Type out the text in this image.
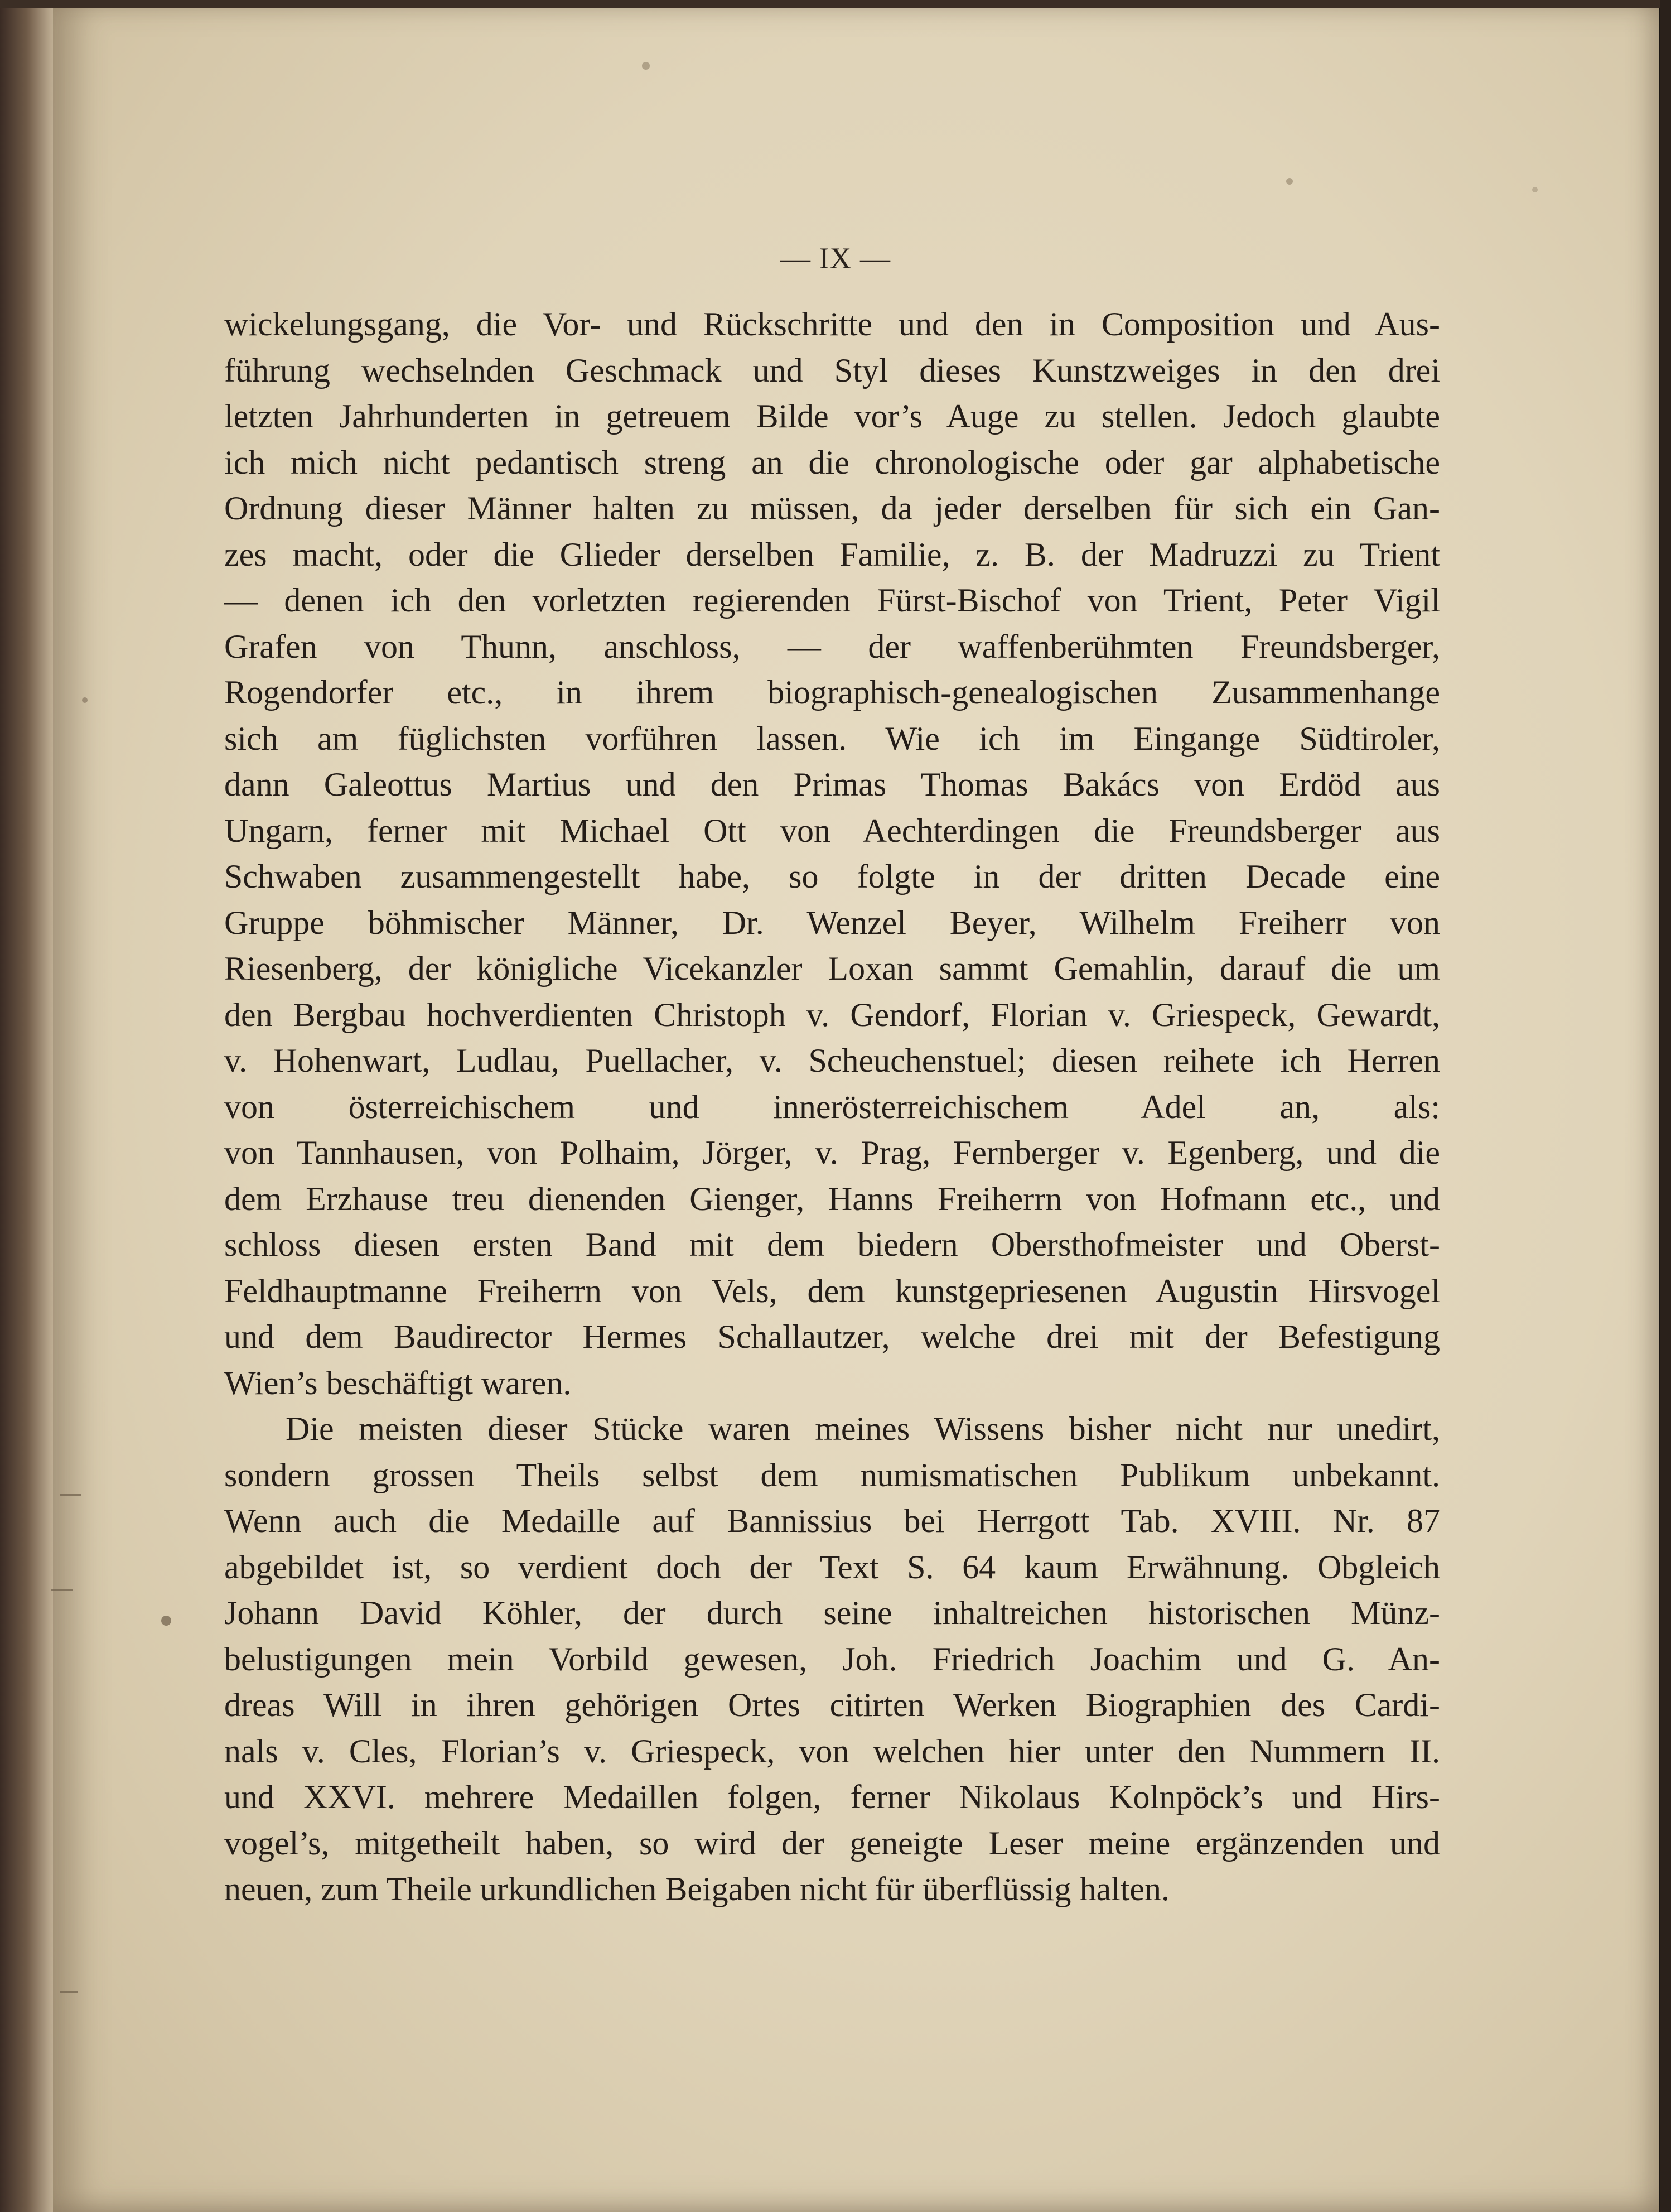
— IX —
wickelungsgang, die Vor- und Rückschritte und den in Composition und Aus-
führung wechselnden Geschmack und Styl dieses Kunstzweiges in den drei
letzten Jahrhunderten in getreuem Bilde vor’s Auge zu stellen. Jedoch glaubte
ich mich nicht pedantisch streng an die chronologische oder gar alphabetische
Ordnung dieser Männer halten zu müssen, da jeder derselben für sich ein Gan-
zes macht, oder die Glieder derselben Familie, z. B. der Madruzzi zu Trient
— denen ich den vorletzten regierenden Fürst-Bischof von Trient, Peter Vigil
Grafen von Thunn, anschloss, — der waffenberühmten Freundsberger,
Rogendorfer etc., in ihrem biographisch-genealogischen Zusammenhange
sich am füglichsten vorführen lassen. Wie ich im Eingange Südtiroler,
dann Galeottus Martius und den Primas Thomas Bakács von Erdöd aus
Ungarn, ferner mit Michael Ott von Aechterdingen die Freundsberger aus
Schwaben zusammengestellt habe, so folgte in der dritten Decade eine
Gruppe böhmischer Männer, Dr. Wenzel Beyer, Wilhelm Freiherr von
Riesenberg, der königliche Vicekanzler Loxan sammt Gemahlin, darauf die um
den Bergbau hochverdienten Christoph v. Gendorf, Florian v. Griespeck, Gewardt,
v. Hohenwart, Ludlau, Puellacher, v. Scheuchenstuel; diesen reihete ich Herren
von österreichischem und innerösterreichischem Adel an, als:
von Tannhausen, von Polhaim, Jörger, v. Prag, Fernberger v. Egenberg, und die
dem Erzhause treu dienenden Gienger, Hanns Freiherrn von Hofmann etc., und
schloss diesen ersten Band mit dem biedern Obersthofmeister und Oberst-
Feldhauptmanne Freiherrn von Vels, dem kunstgepriesenen Augustin Hirsvogel
und dem Baudirector Hermes Schallautzer, welche drei mit der Befestigung
Wien’s beschäftigt waren.
Die meisten dieser Stücke waren meines Wissens bisher nicht nur unedirt,
sondern grossen Theils selbst dem numismatischen Publikum unbekannt.
Wenn auch die Medaille auf Bannissius bei Herrgott Tab. XVIII. Nr. 87
abgebildet ist, so verdient doch der Text S. 64 kaum Erwähnung. Obgleich
Johann David Köhler, der durch seine inhaltreichen historischen Münz-
belustigungen mein Vorbild gewesen, Joh. Friedrich Joachim und G. An-
dreas Will in ihren gehörigen Ortes citirten Werken Biographien des Cardi-
nals v. Cles, Florian’s v. Griespeck, von welchen hier unter den Nummern II.
und XXVI. mehrere Medaillen folgen, ferner Nikolaus Kolnpöck’s und Hirs-
vogel’s, mitgetheilt haben, so wird der geneigte Leser meine ergänzenden und
neuen, zum Theile urkundlichen Beigaben nicht für überflüssig halten.
